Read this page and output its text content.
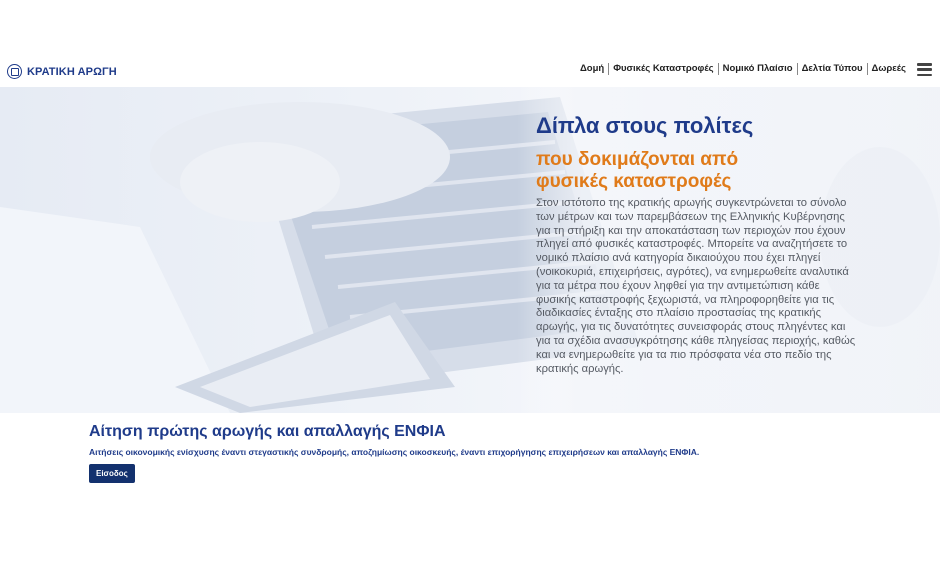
ΚΡΑΤΙΚΗ ΑΡΩΓΗ	Δομή Φυσικές Καταστροφές Νομικό Πλαίσιο Δελτία Τύπου Δωρεές
Δίπλα στους πολίτες
που δοκιμάζονται από φυσικές καταστροφές

Στον ιστότοπο της κρατικής αρωγής συγκεντρώνεται το σύνολο των μέτρων και των παρεμβάσεων της Ελληνικής Κυβέρνησης για τη στήριξη και την αποκατάσταση των περιοχών που έχουν πληγεί από φυσικές καταστροφές. Μπορείτε να αναζητήσετε το νομικό πλαίσιο ανά κατηγορία δικαιούχου που έχει πληγεί (νοικοκυριά, επιχειρήσεις, αγρότες), να ενημερωθείτε αναλυτικά για τα μέτρα που έχουν ληφθεί για την αντιμετώπιση κάθε φυσικής καταστροφής ξεχωριστά, να πληροφορηθείτε για τις διαδικασίες ένταξης στο πλαίσιο προστασίας της κρατικής αρωγής, για τις δυνατότητες συνεισφοράς στους πληγέντες και για τα σχέδια ανασυγκρότησης κάθε πληγείσας περιοχής, καθώς και να ενημερωθείτε για τα πιο πρόσφατα νέα στο πεδίο της κρατικής αρωγής.

Αίτηση πρώτης αρωγής και απαλλαγής ΕΝΦΙΑ

Αιτήσεις οικονομικής ενίσχυσης έναντι στεγαστικής συνδρομής, αποζημίωσης οικοσκευής, έναντι επιχορήγησης επιχειρήσεων και απαλλαγής ΕΝΦΙΑ.

Είσοδος
